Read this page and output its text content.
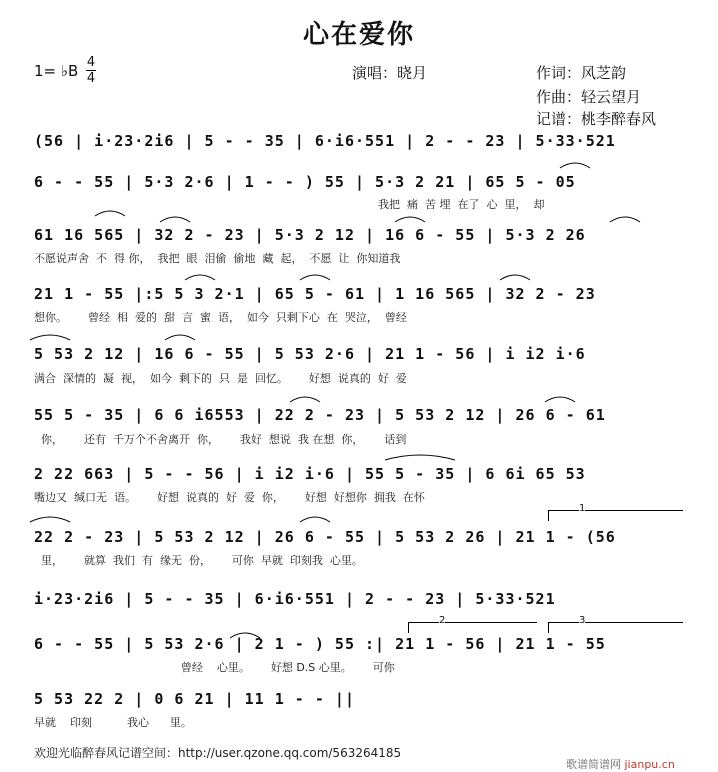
心在爱你
1= ♭B 4
4	演唱：晓月	作词：风芝韵
作曲：轻云望月
记谱：桃李醉春风
(56 | i·23·2i6 | 5 - - 35 | 6·i6·551 | 2 - - 23 | 5·33·521
6 - - 55 | 5·3 2·6 | 1 - - ) 55 | 5·3 2 21 | 65 5 - 05
我把  痛  苦 埋  在了  心  里，  却
61 16 565 | 32 2 - 23 | 5·3 2 12 | 16 6 - 55 | 5·3 2 26
不愿说声舍  不  得 你，  我把  眼  泪偷  偷地  藏  起，  不愿  让  你知道我
21 1 - 55 |:5 5 3 2·1 | 65 5 - 61 | 1 16 565 | 32 2 - 23
想你。      曾经  相  爱的  甜  言  蜜  语，  如今  只剩下心  在  哭泣，  曾经
5 53 2 12 | 16 6 - 55 | 5 53 2·6 | 21 1 - 56 | i i2 i·6
满合  深情的  凝  视，  如今  剩下的  只  是  回忆。      好想  说真的  好  爱
55 5 - 35 | 6 6 i6553 | 22 2 - 23 | 5 53 2 12 | 26 6 - 61
你，      还有  千万个不舍离开  你，      我好  想说  我 在想  你，      话到
2 22 663 | 5 - - 56 | i i2 i·6 | 55 5 - 35 | 6 6i 65 53
嘴边又  缄口无  语。      好想  说真的  好  爱  你，      好想  好想你  拥我  在怀
22 2 - 23 | 5 53 2 12 | 26 6 - 55 | 5 53 2 26 | 21 1 - (56
里，      就算  我们  有  缘无  份，      可你  早就  印刻我  心里。
i·23·2i6 | 5 - - 35 | 6·i6·551 | 2 - - 23 | 5·33·521
6 - - 55 | 5 53 2·6 | 2 1 - ) 55 :| 21 1 - 56 | 21 1 - 55
曾经    心里。      好想 D.S 心里。      可你
5 53 22 2 | 0 6 21 | 11 1 - - ||
早就    印刻          我心      里。
1
2	3
欢迎光临醉春风记谱空间：http://user.qzone.qq.com/563264185
歌谱简谱网 jianpu.cn
